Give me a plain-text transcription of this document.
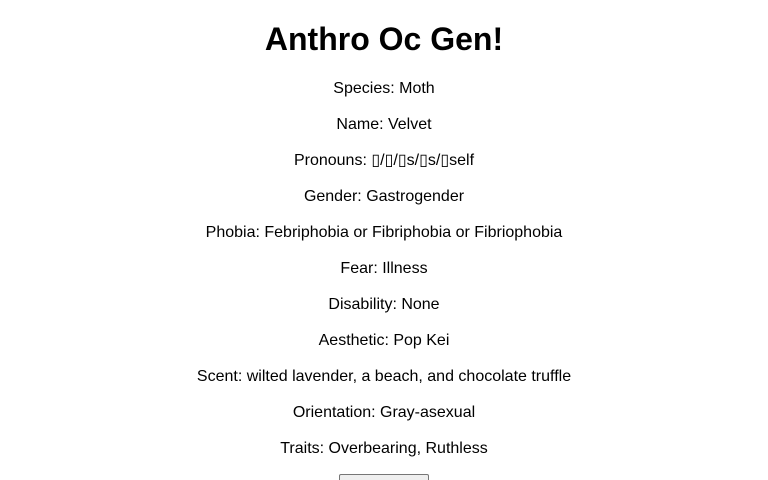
Anthro Oc Gen!

Species: Moth

Name: Velvet

Pronouns: ▯/▯/▯s/▯s/▯self

Gender: Gastrogender

Phobia: Febriphobia or Fibriphobia or Fibriophobia

Fear: Illness

Disability: None

Aesthetic: Pop Kei

Scent: wilted lavender, a beach, and chocolate truffle

Orientation: Gray-asexual

Traits: Overbearing, Ruthless
